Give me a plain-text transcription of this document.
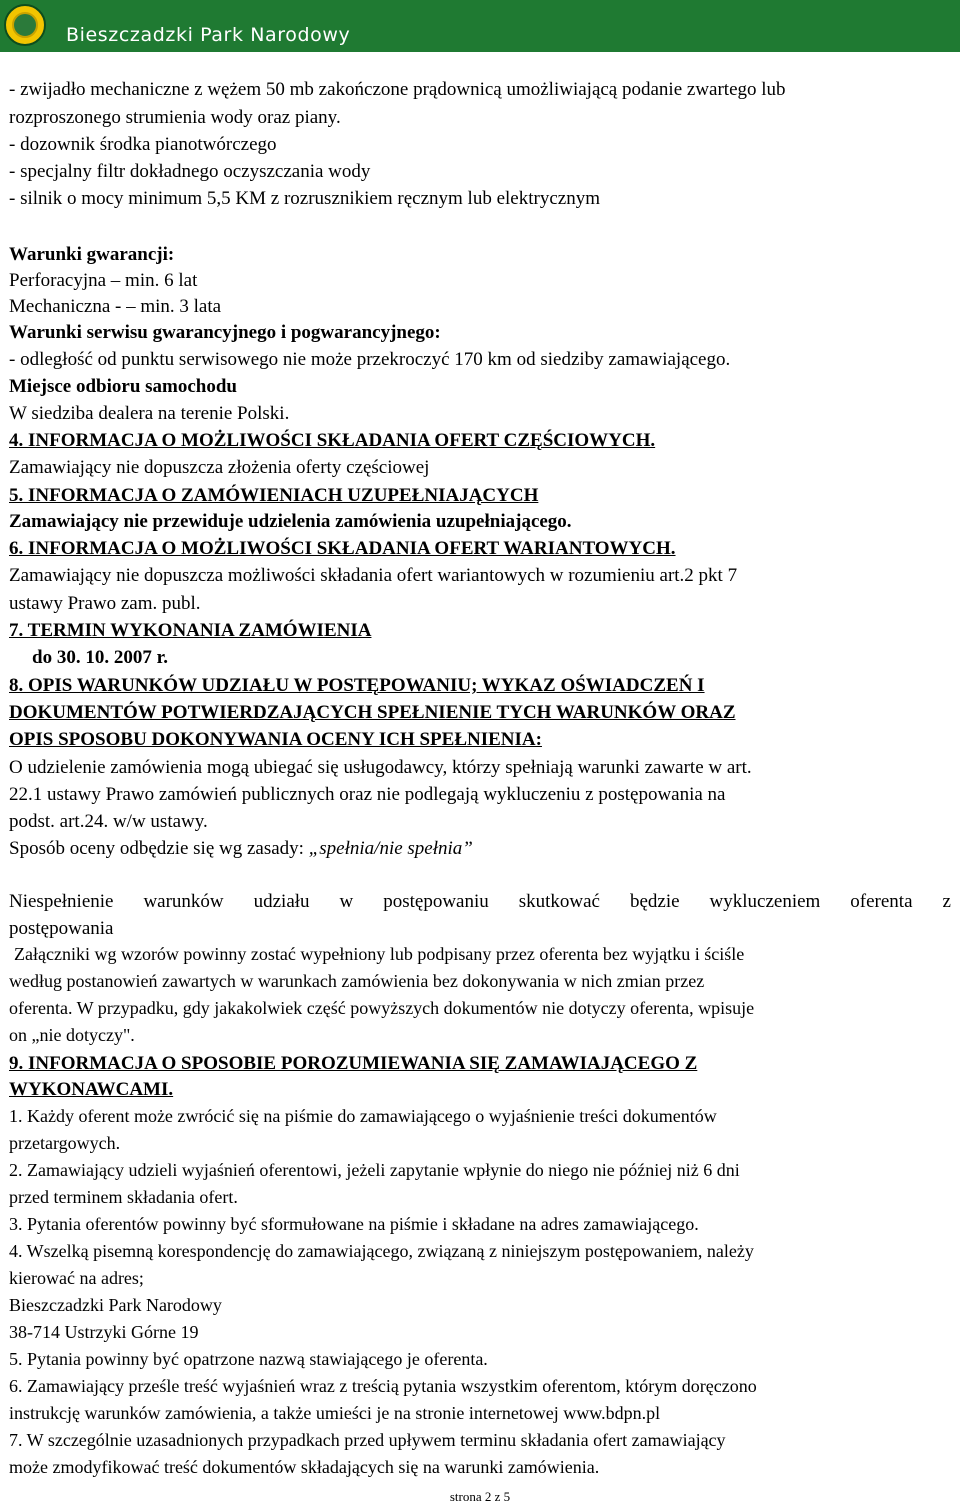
Bieszczadzki Park Narodowy
- zwijadło mechaniczne z wężem 50 mb zakończone prądownicą umożliwiającą podanie zwartego lub
rozproszonego strumienia wody oraz piany.
- dozownik środka pianotwórczego
- specjalny filtr dokładnego oczyszczania wody
- silnik o mocy minimum 5,5 KM z rozrusznikiem ręcznym lub elektrycznym
Warunki gwarancji:
Perforacyjna – min. 6 lat
Mechaniczna - – min. 3 lata
Warunki serwisu gwarancyjnego i pogwarancyjnego:
- odległość od punktu serwisowego nie może przekroczyć 170 km od siedziby zamawiającego.
Miejsce odbioru samochodu
W siedziba dealera na terenie Polski.
4. INFORMACJA O MOŻLIWOŚCI SKŁADANIA OFERT CZĘŚCIOWYCH.
Zamawiający nie dopuszcza złożenia oferty częściowej
5. INFORMACJA O ZAMÓWIENIACH UZUPEŁNIAJĄCYCH
Zamawiający nie przewiduje udzielenia zamówienia uzupełniającego.
6. INFORMACJA O MOŻLIWOŚCI SKŁADANIA OFERT WARIANTOWYCH.
Zamawiający nie dopuszcza możliwości składania ofert wariantowych w rozumieniu art.2 pkt 7
ustawy Prawo zam. publ.
7. TERMIN WYKONANIA ZAMÓWIENIA
do 30. 10. 2007 r.
8. OPIS WARUNKÓW UDZIAŁU W POSTĘPOWANIU; WYKAZ OŚWIADCZEŃ I
DOKUMENTÓW POTWIERDZAJĄCYCH SPEŁNIENIE TYCH WARUNKÓW ORAZ
OPIS SPOSOBU DOKONYWANIA OCENY ICH SPEŁNIENIA:
O udzielenie zamówienia mogą ubiegać się usługodawcy, którzy spełniają warunki zawarte w art.
22.1 ustawy Prawo zamówień publicznych oraz nie podlegają wykluczeniu z postępowania na
podst. art.24. w/w ustawy.
Sposób oceny odbędzie się wg zasady: „spełnia/nie spełnia”
Niespełnienie warunków udziału w postępowaniu skutkować będzie wykluczeniem oferenta z
postępowania
Załączniki wg wzorów powinny zostać wypełniony lub podpisany przez oferenta bez wyjątku i ściśle
według postanowień zawartych w warunkach zamówienia bez dokonywania w nich zmian przez
oferenta. W przypadku, gdy jakakolwiek część powyższych dokumentów nie dotyczy oferenta, wpisuje
on „nie dotyczy".
9. INFORMACJA O SPOSOBIE POROZUMIEWANIA SIĘ ZAMAWIAJĄCEGO Z
WYKONAWCAMI.
1. Każdy oferent może zwrócić się na piśmie do zamawiającego o wyjaśnienie treści dokumentów
przetargowych.
2. Zamawiający udzieli wyjaśnień oferentowi, jeżeli zapytanie wpłynie do niego nie później niż 6 dni
przed terminem składania ofert.
3. Pytania oferentów powinny być sformułowane na piśmie i składane na adres zamawiającego.
4. Wszelką pisemną korespondencję do zamawiającego, związaną z niniejszym postępowaniem, należy
kierować na adres;
Bieszczadzki Park Narodowy
38-714 Ustrzyki Górne 19
5. Pytania powinny być opatrzone nazwą stawiającego je oferenta.
6. Zamawiający prześle treść wyjaśnień wraz z treścią pytania wszystkim oferentom, którym doręczono
instrukcję warunków zamówienia, a także umieści je na stronie internetowej www.bdpn.pl
7. W szczególnie uzasadnionych przypadkach przed upływem terminu składania ofert zamawiający
może zmodyfikować treść dokumentów składających się na warunki zamówienia.
strona 2 z 5
